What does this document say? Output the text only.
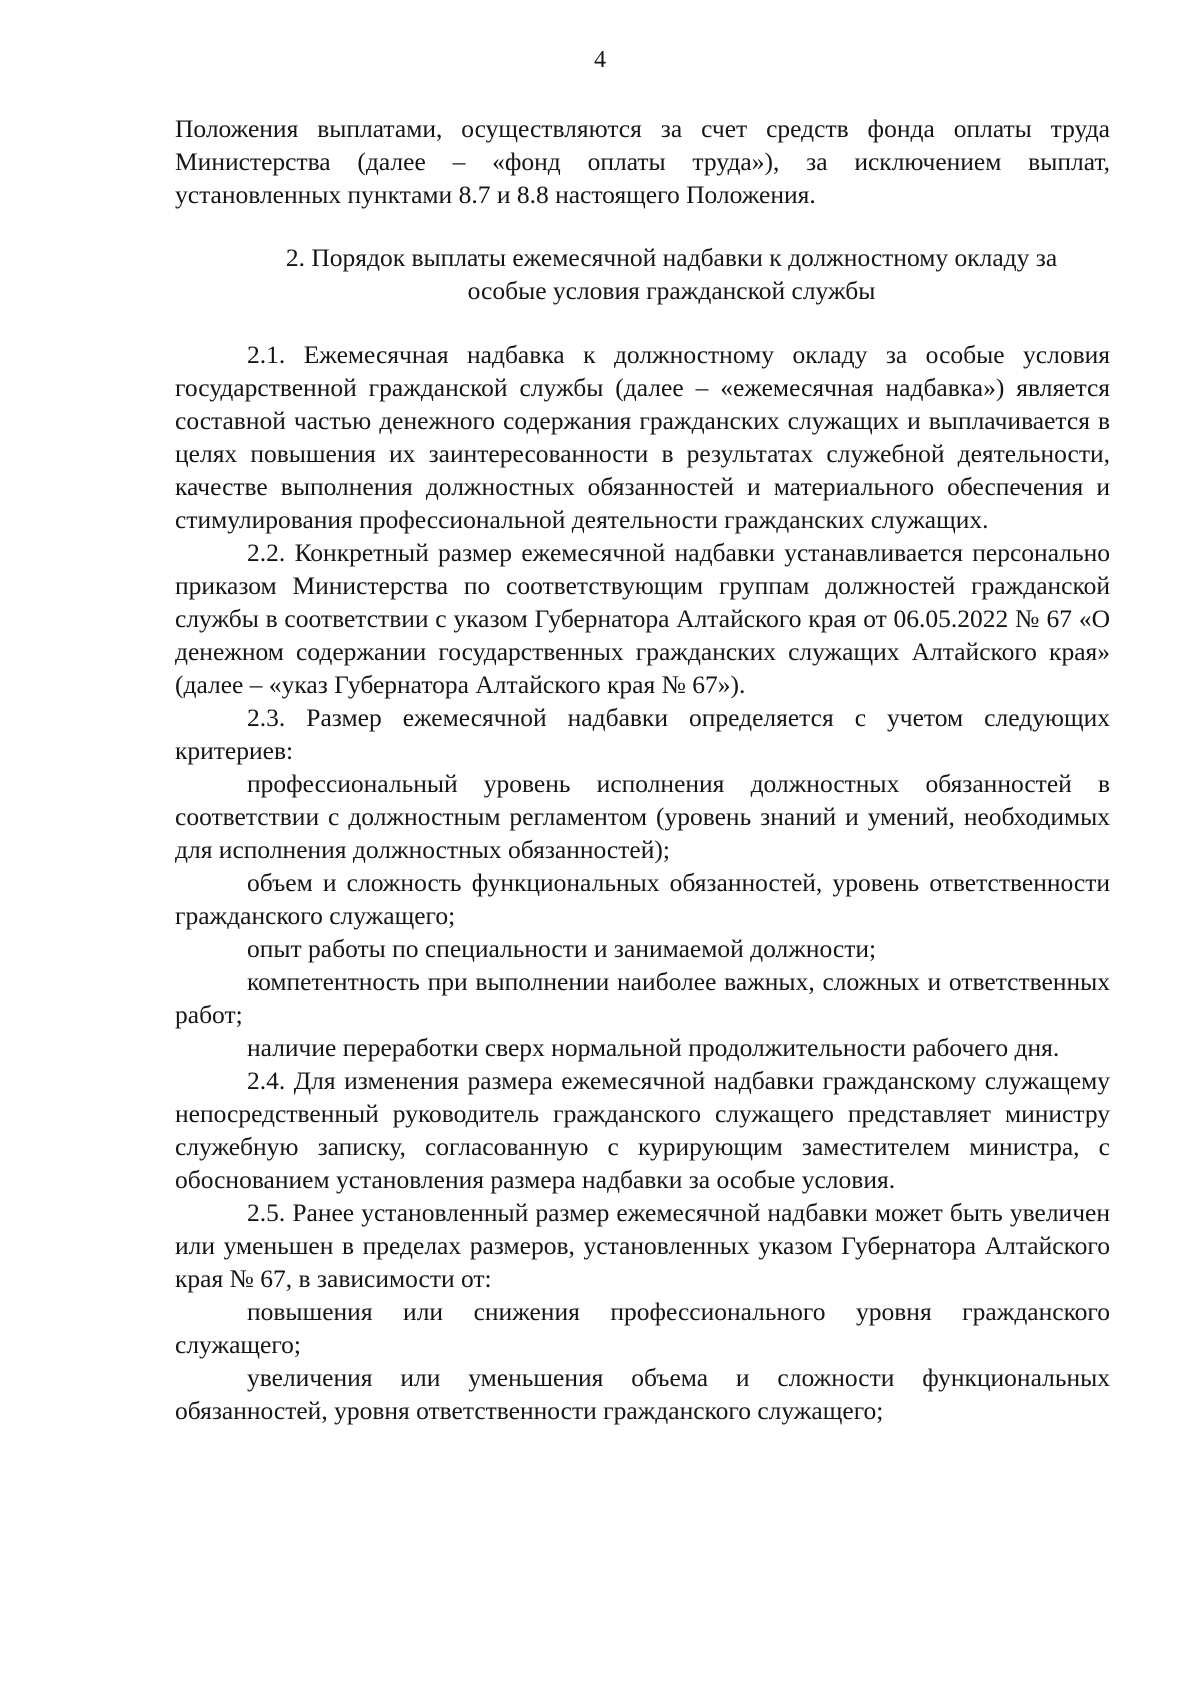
4

Положения выплатами, осуществляются за счет средств фонда оплаты труда Министерства (далее – «фонд оплаты труда»), за исключением выплат, установленных пунктами 8.7 и 8.8 настоящего Положения.

2. Порядок выплаты ежемесячной надбавки к должностному окладу за особые условия гражданской службы

2.1. Ежемесячная надбавка к должностному окладу за особые условия государственной гражданской службы (далее – «ежемесячная надбавка») является составной частью денежного содержания гражданских служащих и выплачивается в целях повышения их заинтересованности в результатах служебной деятельности, качестве выполнения должностных обязанностей и материального обеспечения и стимулирования профессиональной деятельности гражданских служащих.

2.2. Конкретный размер ежемесячной надбавки устанавливается персонально приказом Министерства по соответствующим группам должностей гражданской службы в соответствии с указом Губернатора Алтайского края от 06.05.2022 № 67 «О денежном содержании государственных гражданских служащих Алтайского края» (далее – «указ Губернатора Алтайского края № 67»).

2.3. Размер ежемесячной надбавки определяется с учетом следующих критериев:

профессиональный уровень исполнения должностных обязанностей в соответствии с должностным регламентом (уровень знаний и умений, необходимых для исполнения должностных обязанностей);

объем и сложность функциональных обязанностей, уровень ответственности гражданского служащего;

опыт работы по специальности и занимаемой должности;

компетентность при выполнении наиболее важных, сложных и ответственных работ;

наличие переработки сверх нормальной продолжительности рабочего дня.

2.4. Для изменения размера ежемесячной надбавки гражданскому служащему непосредственный руководитель гражданского служащего представляет министру служебную записку, согласованную с курирующим заместителем министра, с обоснованием установления размера надбавки за особые условия.

2.5. Ранее установленный размер ежемесячной надбавки может быть увеличен или уменьшен в пределах размеров, установленных указом Губернатора Алтайского края № 67, в зависимости от:

повышения или снижения профессионального уровня гражданского служащего;

увеличения или уменьшения объема и сложности функциональных обязанностей, уровня ответственности гражданского служащего;
